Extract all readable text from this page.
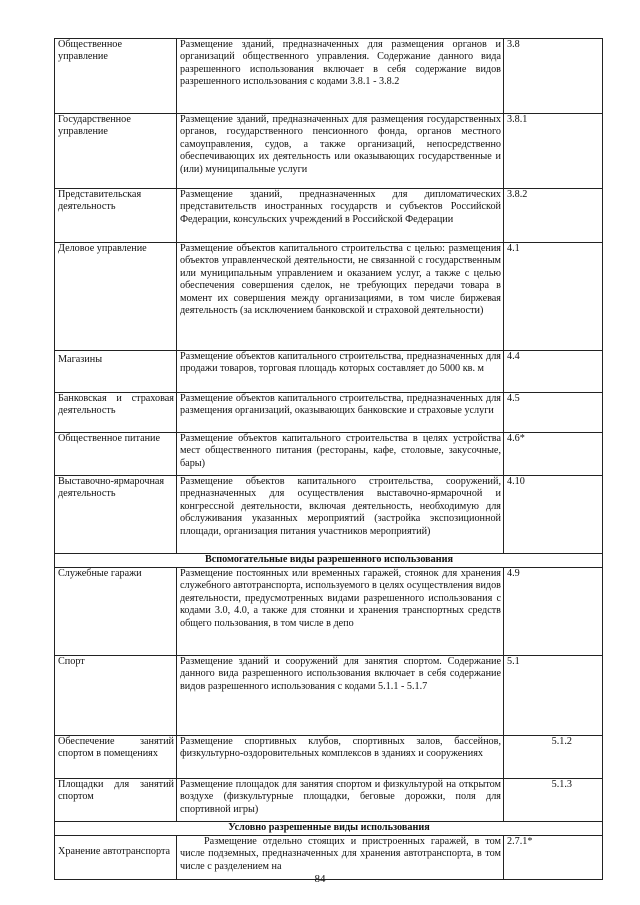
Общественное управление	Размещение зданий, предназначенных для размещения органов и организаций общественного управления. Содержание данного вида разрешенного использования включает в себя содержание видов разрешенного использования с кодами 3.8.1 - 3.8.2	3.8
Государственное управление	Размещение зданий, предназначенных для размещения государственных органов, государственного пенсионного фонда, органов местного самоуправления, судов, а также организаций, непосредственно обеспечивающих их деятельность или оказывающих государственные и (или) муниципальные услуги	3.8.1
Представительская деятельность	Размещение зданий, предназначенных для дипломатических представительств иностранных государств и субъектов Российской Федерации, консульских учреждений в Российской Федерации	3.8.2
Деловое управление	Размещение объектов капитального строительства с целью: размещения объектов управленческой деятельности, не связанной с государственным или муниципальным управлением и оказанием услуг, а также с целью обеспечения совершения сделок, не требующих передачи товара в момент их совершения между организациями, в том числе биржевая деятельность (за исключением банковской и страховой деятельности)	4.1
Магазины	Размещение объектов капитального строительства, предназначенных для продажи товаров, торговая площадь которых составляет до 5000 кв. м	4.4
Банковская и страховая деятельность	Размещение объектов капитального строительства, предназначенных для размещения организаций, оказывающих банковские и страховые услуги	4.5
Общественное питание	Размещение объектов капитального строительства в целях устройства мест общественного питания (рестораны, кафе, столовые, закусочные, бары)	4.6*
Выставочно-ярмарочная деятельность	Размещение объектов капитального строительства, сооружений, предназначенных для осуществления выставочно-ярмарочной и конгрессной деятельности, включая деятельность, необходимую для обслуживания указанных мероприятий (застройка экспозиционной площади, организация питания участников мероприятий)	4.10
Вспомогательные виды разрешенного использования		
Служебные гаражи	Размещение постоянных или временных гаражей, стоянок для хранения служебного автотранспорта, используемого в целях осуществления видов деятельности, предусмотренных видами разрешенного использования с кодами 3.0, 4.0, а также для стоянки и хранения транспортных средств общего пользования, в том числе в депо	4.9
Спорт	Размещение зданий и сооружений для занятия спортом. Содержание данного вида разрешенного использования включает в себя содержание видов разрешенного использования с кодами 5.1.1 - 5.1.7	5.1
Обеспечение занятий спортом в помещениях	Размещение спортивных клубов, спортивных залов, бассейнов, физкультурно-оздоровительных комплексов в зданиях и сооружениях	5.1.2
Площадки для занятий спортом	Размещение площадок для занятия спортом и физкультурой на открытом воздухе (физкультурные площадки, беговые дорожки, поля для спортивной игры)	5.1.3
Условно разрешенные виды использования		
Хранение автотранспорта	Размещение отдельно стоящих и пристроенных гаражей, в том числе подземных, предназначенных для хранения автотранспорта, в том числе с разделением на	2.7.1*
84
